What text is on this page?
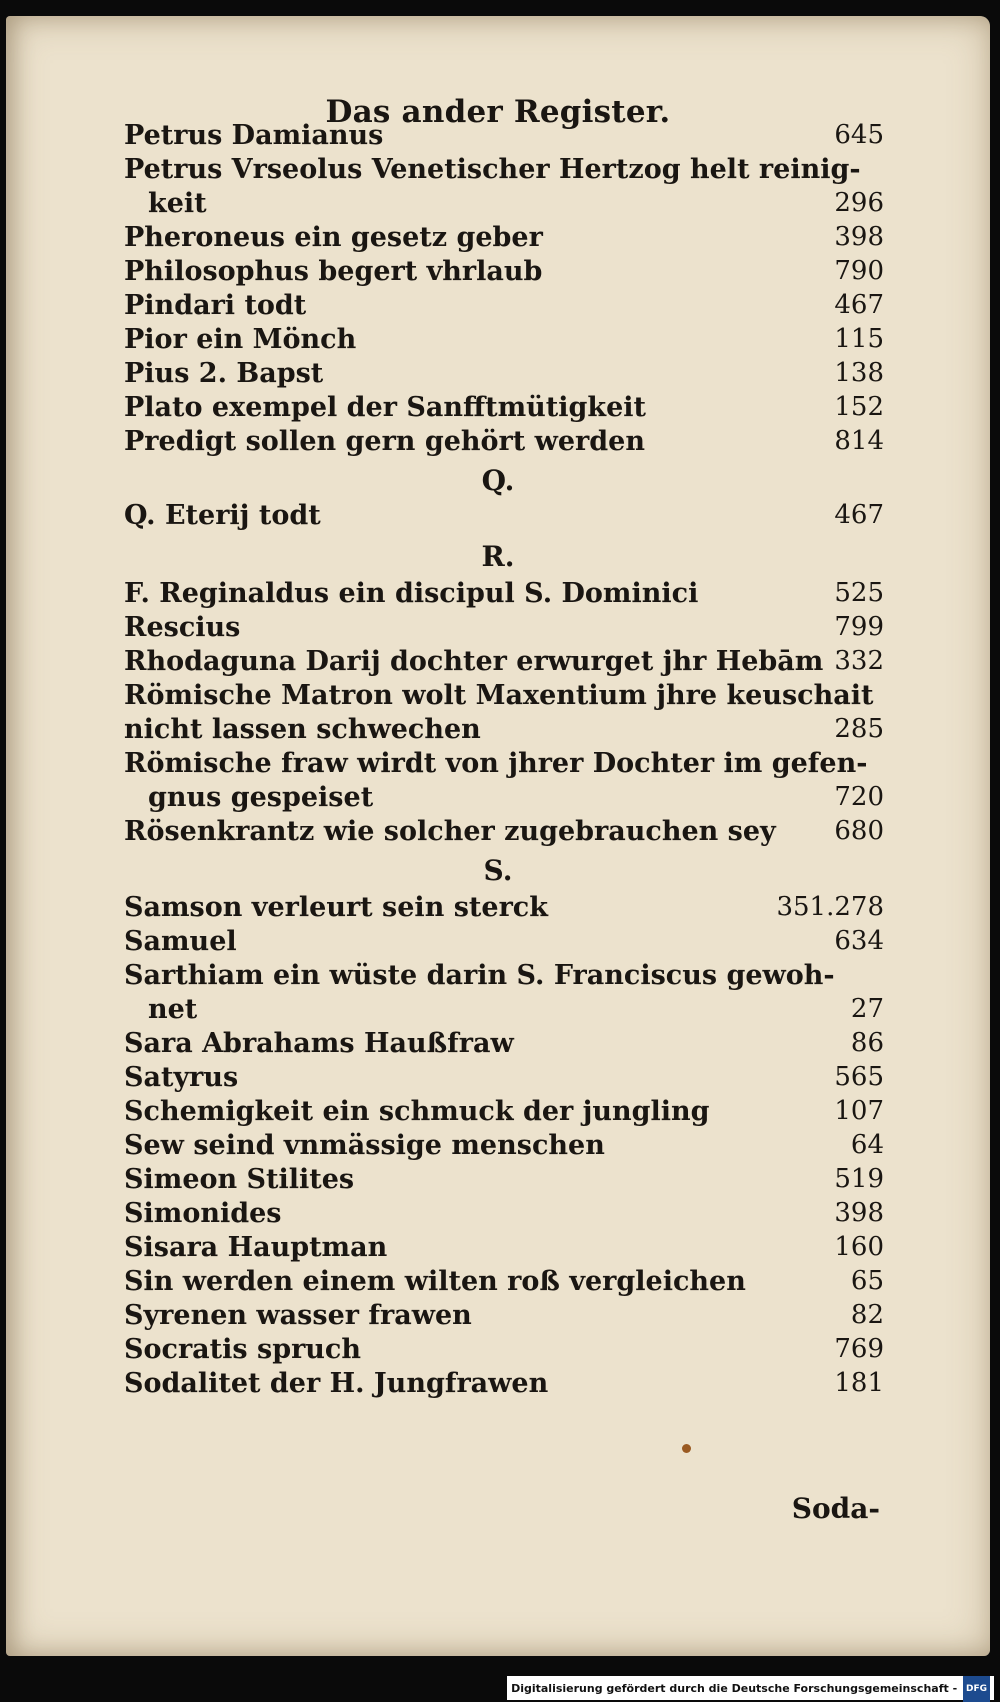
Das ander Register.
Petrus Damianus	645
Petrus Vrseolus Venetischer Hertzog helt reinig-
keit	296
Pheroneus ein gesetz geber	398
Philosophus begert vhrlaub	790
Pindari todt	467
Pior ein Mönch	115
Pius 2. Bapst	138
Plato exempel der Sanfftmütigkeit	152
Predigt sollen gern gehört werden	814
Q.
Q. Eterij todt	467
R.
F. Reginaldus ein discipul S. Dominici	525
Rescius	799
Rhodaguna Darij dochter erwurget jhr Hebām 332
Römische Matron wolt Maxentium jhre keuschait
nicht lassen schwechen	285
Römische fraw wirdt von jhrer Dochter im gefen-
gnus gespeiset	720
Rösenkrantz wie solcher zugebrauchen sey 680
S.
Samson verleurt sein sterck	351.278
Samuel	634
Sarthiam ein wüste darin S. Franciscus gewoh-
net	27
Sara Abrahams Haußfraw	86
Satyrus	565
Schemigkeit ein schmuck der jungling	107
Sew seind vnmässige menschen	64
Simeon Stilites	519
Simonides	398
Sisara Hauptman	160
Sin werden einem wilten roß vergleichen	65
Syrenen wasser frawen	82
Socratis spruch	769
Sodalitet der H. Jungfrawen	181
Soda-
Digitalisierung gefördert durch die Deutsche Forschungsgemeinschaft - DFG
